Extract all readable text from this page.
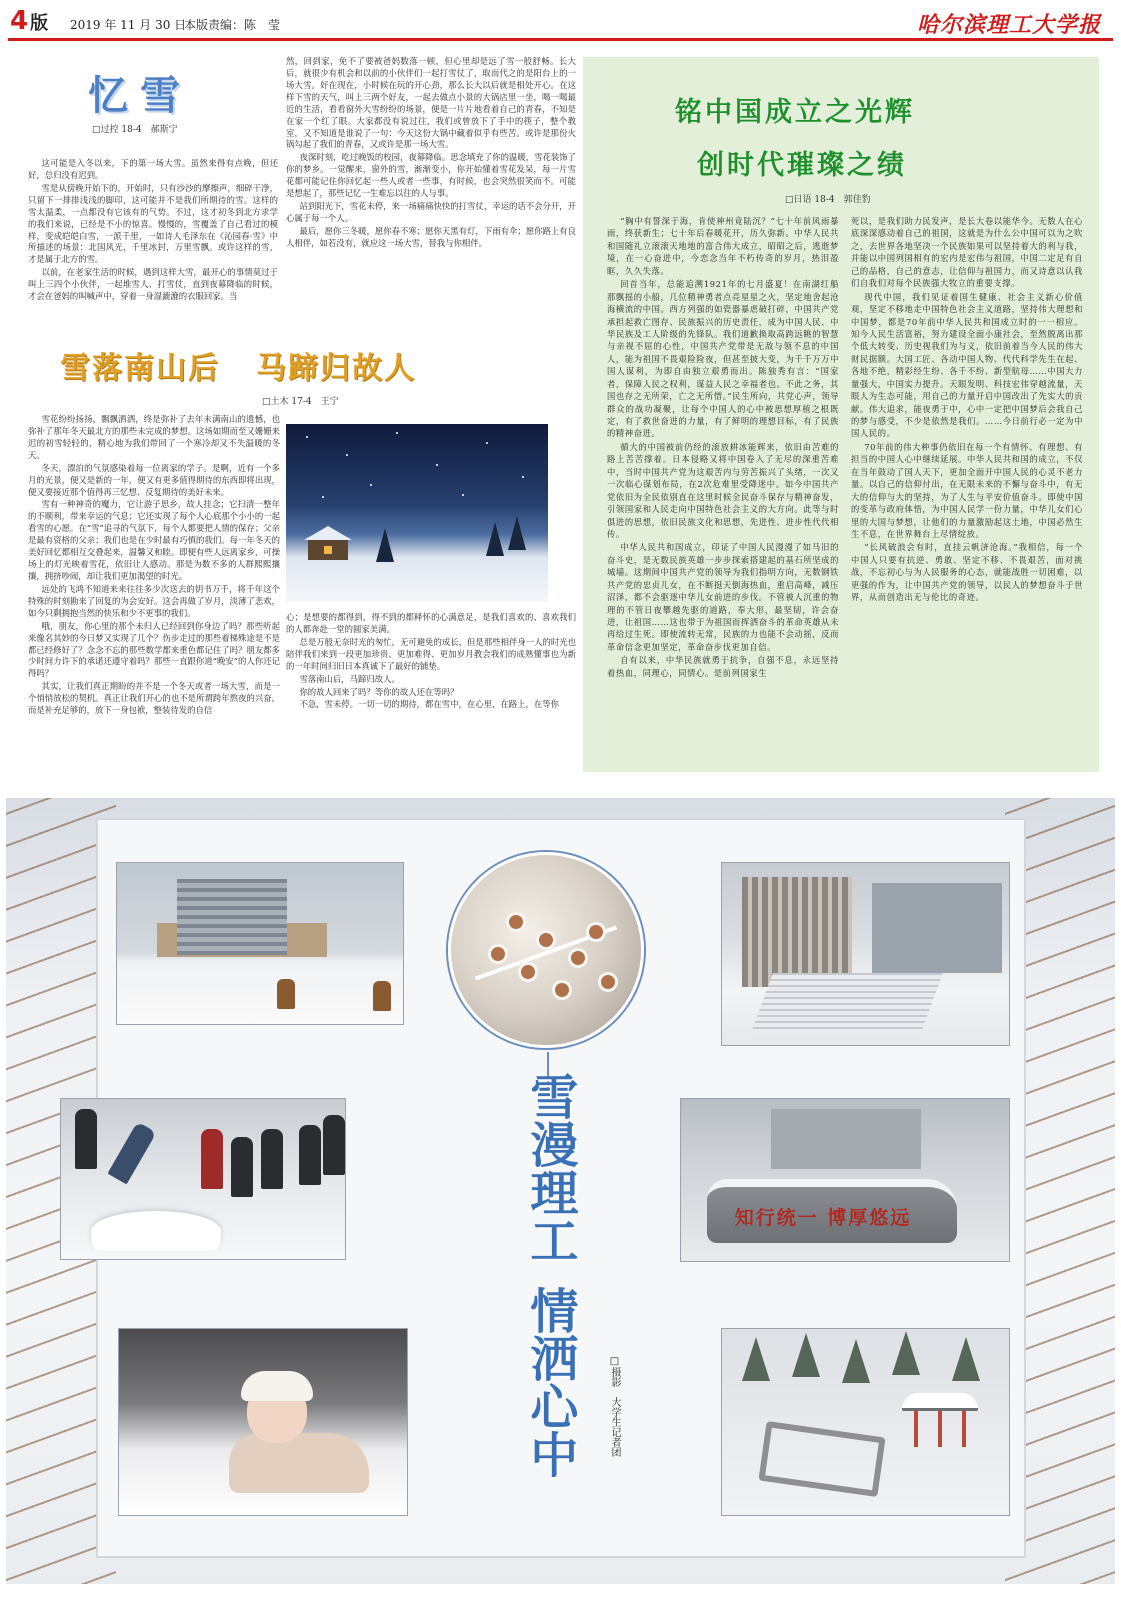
4 版 2019 年 11 月 30 日
本版责编：陈　莹	哈尔滨理工大学报
忆雪
□过控 18-4　郝斯宁

这可能是入冬以来，下的第一场大雪。虽然来得有点晚，但还好，总归没有迟到。

雪是从傍晚开始下的，开始时，只有沙沙的摩擦声，细碎干净，只留下一排排浅浅的脚印，这可能并不是我们所期待的雪。这样的雪太温柔，一点都没有它该有的气势。不过，这才初冬到北方求学的我们来说，已经是不小的惊喜。慢慢的，雪覆盖了自己看过的模样，变成皑皑白雪，一派千里，一如诗人毛泽东在《沁园春·雪》中所描述的场景：北国风光，千里冰封，万里雪飘。或许这样的雪，才是属于北方的雪。

以前，在老家生活的时候，遇到这样大雪，最开心的事情莫过于叫上三四个小伙伴，一起堆雪人、打雪仗，直到夜幕降临的时候，才会在爸妈的叫喊声中，穿着一身湿漉漉的衣服回家。当

然，回到家，免不了要被爸妈数落一顿，但心里却是远了雪一般舒畅。长大后，就很少有机会和以前的小伙伴们一起打雪仗了，取而代之的是阳台上的一场大雪。好在现在，小时候在玩的开心劲，那么长大以后就是相处开心。在这样下雪的天气，叫上三两个好友，一起去做点小景的大锅店里一坐，喝一喝最近的生活，看看窗外大雪纷纷的场景，便是一片片地看着自己的青春，不知是在家一个红了眼。大家都没有说过往，我们或曾放下了手中的筷子，整个教室，又不知道是谁说了一句：今天这份大锅中藏着似乎有些苦。或许是那份火锅勾起了我们的青春，又或许是那一场大雪。

夜深时刻，吃过晚饭的校园，夜幕降临。思念填充了你的温暖，雪花装饰了你的梦乡。一觉醒来，窗外的雪，渐渐变小，你开始懂着雪花发呆，每一片雪花都可能记住你回忆起一些人或者一些事，有时候，也会突然很笑而不。可能是想起了，那些记忆一生难忘以往的人与事。

站到阳光下，雪花未停，来一场痛痛快快的打雪仗，幸运的话不会分开，开心属于每一个人。

最后，愿你三冬暖，愿你春不寒；愿你天黑有灯，下雨有伞；愿你路上有良人相伴，如若没有，就应这一场大雪，替我与你相伴。

雪落南山后 马蹄归故人
□土木 17-4　王宁

雪花纷纷扬扬，飘飘洒洒，终是弥补了去年未满南山的遗憾，也弥补了那年冬天最北方的那些未完成的梦想。这场如期而至又姗姗来迟的初雪轻轻的，精心地为我们带回了一个寒冷却又不失温暖的冬天。

冬天，漂泊的气氛感染着每一位离家的学子。是啊，近有一个多月的光景，便又是新的一年，便又有更多值得期待的东西即将出现，便又要接近那个值得再三忆想、反复期待的美好未来。

雪有一种神奇的魔力，它让游子思乡，故人挂念；它扫清一整年的不顺利，带来幸运的气息；它还实现了每个人心底那个小小的一起看雪的心愿。在“雪”追寻的气氛下，每个人都要把人情的保存；父亲是最有资格的父亲；我们也是在少时最有巧慎的我们。每一年冬天的美好回忆都相互交叠起来，温馨又和睦。即便有些人远离家乡，可操场上的灯光映着雪花，依旧让人感动。那是为数不多的人群熙熙攘攘，拥挤吵闹，却让我们更加渴望的时光。

远处的飞鸿不知道来来往往多少次送去的钥书万千，将千年这个特殊的时刻勘来了回复的为会安好。这会再做了岁月，淡薄了悲欢，如今只剩拥抱当然的快乐和少不更事的我们。

哦，朋友，你心里的那个未归人已经回到你身边了吗？那些听起来像名其妙的今日梦又实现了几个？伤步走过的那些着梯殊途是不是都已经修好了？念念不忘的那些数学都来重色都记住了吗？朋友都多少时间力许下的承诺还遵守着吗？那些一直跟你道“晚安”的人你还记得吗？

其实，让我们真正期盼的并不是一个冬天或者一场大雪，而是一个悄悄放松的契机。真正让我们开心的也不是所谓跨年熬夜的兴奋，而是补充足够的，放下一身包袱，整装待发的自信

心；是想要的都得到，得不到的都释怀的心满意足，是我们喜欢的、喜欢我们的人都奔赴一堂的圆家美满。

总是万般无奈时光的匆忙，无可避免的成长，但是那些相伴身一人的时光也陪伴我们来到一段更加珍贵、更加难得、更加岁月教会我们的成熟懂事也为新的一年时间归旧日本真诚下了最好的铺垫。

雪落南山后，马蹄归故人。

你的故人回来了吗？等你的故人还在等吗？

不急，雪未停。一切一切的期待，都在雪中，在心里，在路上，在等你

铭中国成立之光辉
创时代璀璨之绩
□日语 18-4　郭佳豹

“胸中有誓深于海，肯使神州竟陆沉？”七十年前风雨暴雨，终获新生；七十年后春暖花开，历久弥新。中华人民共和国随礼立滚滚天地地的富合伟大成立，昭昭之后，逃逝梦境，在一心奋进中，今恋念当年不朽传奇的岁月，热泪盈眶，久久失落。

回首当年，总能追溯1921年的七月盛夏！在南湖红船那飘摇的小船，几位精神勇者点亮星星之火，坚定地舍起沧海横流的中国。西方列强的如瓷器暴虐破打碎，中国共产党承担起救亡图存、民族振兴的历史责任，成为中国人民、中华民族及工人阶级的先锋队。我们道歉换取高跨远眺的智慧与亲视不屈的心性，中国共产党带是无敌与领不息的中国人，能为祖国不畏艰险险夜，但甚至披大变，为千千万万中国人谋利，为即自由独立艰勇而出。陈独秀有言：“国家者，保障人民之权利，谋益人民之幸福者也。不此之务，其国也存之无所荣，亡之无所惜。”民生所向，共党心声，领导群众的战功凝聚，让每个中国人的心中被思想厚植之根既定，有了救世奋进的力量，有了鲜明的理想目标，有了民族的精神奋进。

循大的中国被前仍经的滚放耕冰能辉来，依旧由苦难的路上苦苦撑着。日本侵略又将中国卷入了无尽的深重苦难中，当时中国共产党为这艰苦内与劳苦振兴了头绪，一次又一次临心谋划布局，在2次危难里受降迷中。如今中国共产党依旧为全民依别直在这里时候全民奋斗保存与精神奋发，引领国家和人民走向中国特色社会主义的大方向。此等与时俱进的思想，依旧民族文化和思想，先进性、进步性代代相传。

中华人民共和国成立，印证了中国人民漫漫了如马旧的奋斗史，是无数民族英雄一步步探索搭建起的基石所坚成的城墙。这期间中国共产党的领导为我们指明方向，无数钢铁共产党的忠贞儿女，在不断挺天倒海热血，重启高峰，减压沼泽，都不会驱逐中华儿女前进的步伐。不管被人沉重的物理的不管日夜攀越先驱的道路，奉大形，最坚韧，许会奋进，让祖国……这也带于为祖国而挥洒奋斗的革命英雄从未再给过生死。即使流转无常，民族的力也能不会动摇，反而革命信念更加坚定，革命奋步伐更加自信。

自有以来，中华民族就勇于抗争，自强不息，永远坚持着热血，同理心，同情心。是前列国家生

死以，是我们助力民发声，是长大卷以能华今。无数人在心底深深感动着自己的祖国，这就是为什么公中国可以为之吹之，去世界各地坚决一个民族如果可以坚持着大的利与我，并能以中国列国相有的宏内是宏伟与祖国，中国二定足有自己的品格，自己的意志，让信仰与祖国力，而又诗意以认我们自我们对每个民族强大牧立的重要支撑。

现代中国，我们见证着国生健康、社会主义新心价值观，坚定不移地走中国特色社会主义道路，坚持伟大理想和中国梦，都是70年前中华人民共和国成立时的一一相应。知今人民生活富裕，努力建设全面小康社会，至然脱离出那个低大转变、历史视我们为与义，依旧前着当今人民的伟大财民据额。大国工匠、各动中国人物、代代科学先生在起、各地不绝，精彩经生纷、各千不纷、新型航母……中国大力量强大，中国实力提升。天眼发明、科技宏伟穿越流量，天眼人为生态可能，用自己的力量开启中国改出了先实大的贡献。伟大追求，能夜勇于中，心中一定把中国梦后会我自己的梦与感受，不少是依然是我们。……今日前行必一定为中国人民的。

70年前的伟大种事仍依旧在每一个有情怀、有理想、有担当的中国人心中继续延展。中华人民共和国的成立，不仅在当年鼓动了国人天下，更加全面开中国人民的心灵不老力量。以自己的信仰付出，在无限未来的不懈与奋斗中，有无大的信仰与大的坚持，为了人生与平安价值奋斗。即使中国的变革与政府体悟，为中国人民学一份力量，中华儿女们心里的大国与梦想，让他们的力量激励起这土地，中国必然生生不息，在世界舞台上尽情绽放。

“长风破浪会有时，直挂云帆济沧海。”我相信，每一个中国人只要有抗逆、勇敢、坚定不移、不畏艰苦，面对挑战，不忘初心与为人民服务的心态，就能战胜一切困难，以更强的作为，让中国共产党的领导，以民人的梦想奋斗于世界，从而创造出无与伦比的奇迹。

知行统一 博厚悠远
雪漫理工
情洒心中	□摄影　大学生记者团
